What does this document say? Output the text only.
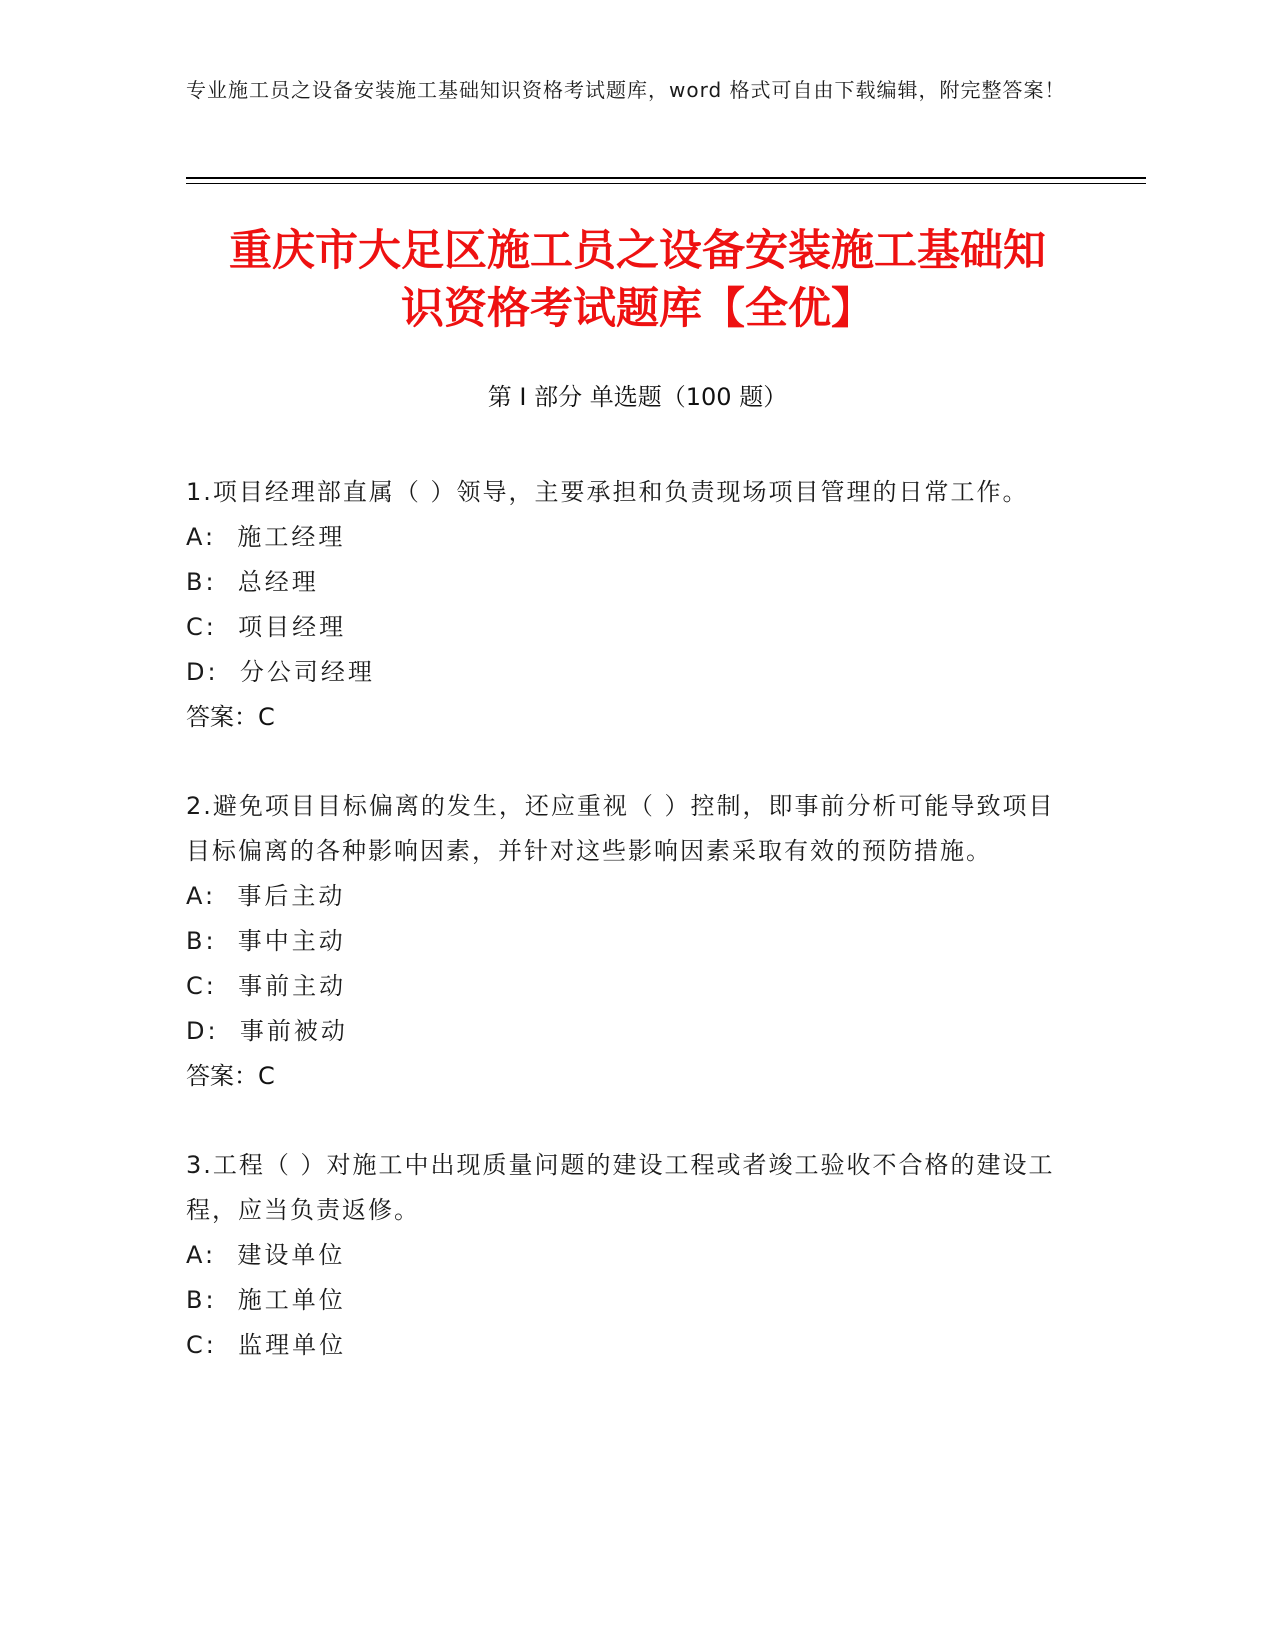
专业施工员之设备安装施工基础知识资格考试题库，word 格式可自由下载编辑，附完整答案！
重庆市大足区施工员之设备安装施工基础知
识资格考试题库【全优】
第 I 部分 单选题（100 题）
1.项目经理部直属（ ）领导，主要承担和负责现场项目管理的日常工作。
A:  施工经理
B:  总经理
C:  项目经理
D:  分公司经理
答案：C
2.避免项目目标偏离的发生，还应重视（ ）控制，即事前分析可能导致项目目标偏离的各种影响因素，并针对这些影响因素采取有效的预防措施。
A:  事后主动
B:  事中主动
C:  事前主动
D:  事前被动
答案：C
3.工程（ ）对施工中出现质量问题的建设工程或者竣工验收不合格的建设工程，应当负责返修。
A:  建设单位
B:  施工单位
C:  监理单位
